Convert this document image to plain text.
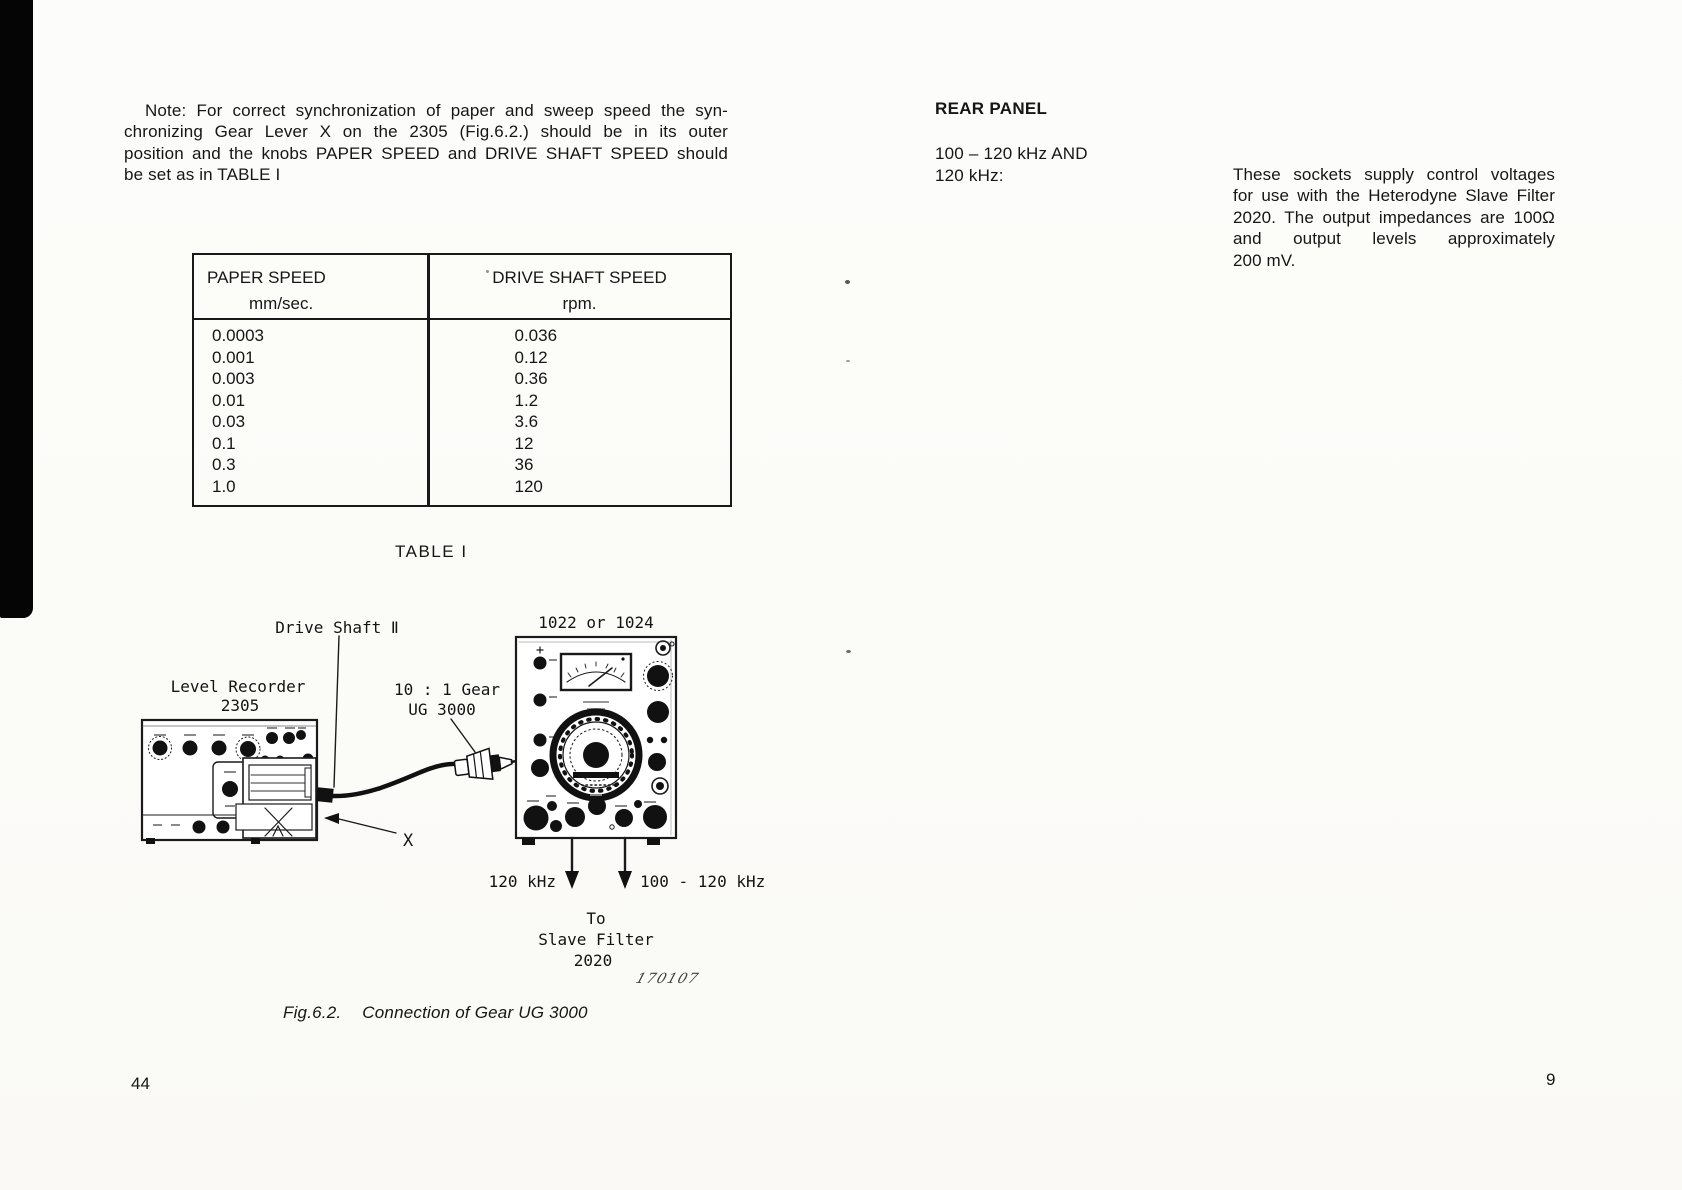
Note: For correct synchronization of paper and sweep speed the syn-
chronizing Gear Lever X on the 2305 (Fig.6.2.) should be in its outer
position and the knobs PAPER SPEED and DRIVE SHAFT SPEED should
be set as in TABLE I
PAPER SPEED
mm/sec.
DRIVE SHAFT SPEED
rpm.
0.0003	0.036
0.001	0.12
0.003	0.36
0.01	1.2
0.03	3.6
0.1	12
0.3	36
1.0	120
TABLE I
Drive Shaft Ⅱ	1022 or 1024
Level Recorder
2305
10 : 1 Gear
UG 3000
X
120 kHz	100 - 120 kHz
To
Slave Filter
2020
170107
Fig.6.2. Connection of Gear UG 3000
44	9
REAR PANEL
100 – 120 kHz AND
120 kHz:	These sockets supply control voltages
for use with the Heterodyne Slave Filter
2020. The output impedances are 100Ω
and output levels approximately
200 mV.
